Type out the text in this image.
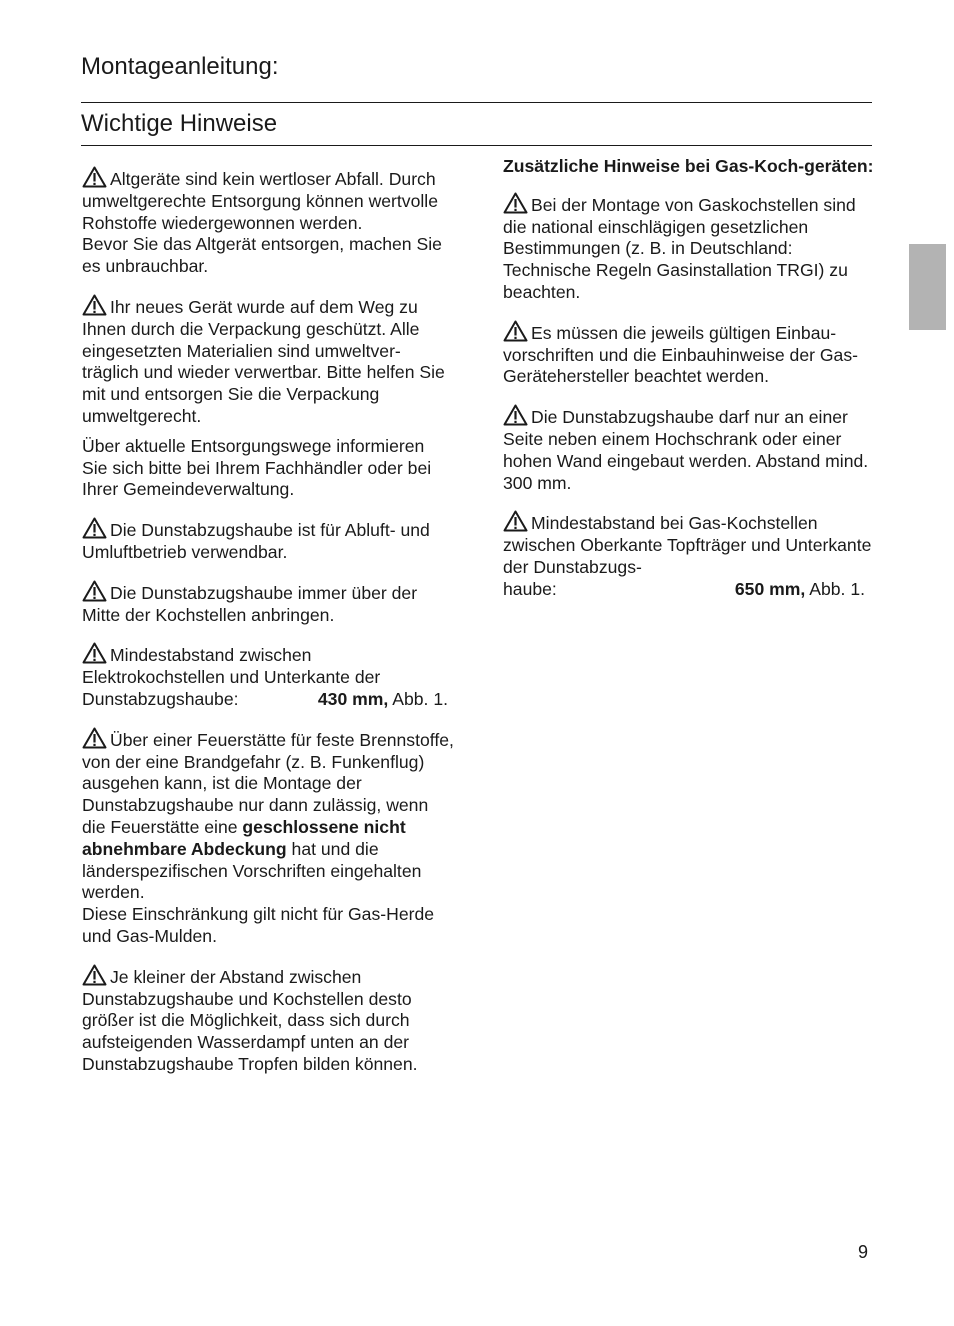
Montageanleitung:
Wichtige Hinweise

Altgeräte sind kein wertloser Abfall. Durch umweltgerechte Entsorgung können wertvolle Rohstoffe wiedergewonnen werden.
Bevor Sie das Altgerät entsorgen, machen Sie es unbrauchbar.

Ihr neues Gerät wurde auf dem Weg zu Ihnen durch die Verpackung geschützt. Alle eingesetzten Materialien sind umweltver-träglich und wieder verwertbar. Bitte helfen Sie mit und entsorgen Sie die Verpackung umweltgerecht.

Über aktuelle Entsorgungswege informieren Sie sich bitte bei Ihrem Fachhändler oder bei Ihrer Gemeindeverwaltung.

Die Dunstabzugshaube ist für Abluft- und Umluftbetrieb verwendbar.

Die Dunstabzugshaube immer über der Mitte der Kochstellen anbringen.

Mindestabstand zwischen Elektrokochstellen und Unterkante der
Dunstabzugshaube:	430 mm, Abb. 1.

Über einer Feuerstätte für feste Brennstoffe, von der eine Brandgefahr (z. B. Funkenflug) ausgehen kann, ist die Montage der Dunstabzugshaube nur dann zulässig, wenn die Feuerstätte eine geschlossene nicht abnehmbare Abdeckung hat und die länderspezifischen Vorschriften eingehalten werden.
Diese Einschränkung gilt nicht für Gas-Herde und Gas-Mulden.

Je kleiner der Abstand zwischen Dunstabzugshaube und Kochstellen desto größer ist die Möglichkeit, dass sich durch aufsteigenden Wasserdampf unten an der Dunstabzugshaube Tropfen bilden können.

Zusätzliche Hinweise bei Gas-Koch-geräten:

Bei der Montage von Gaskochstellen sind die national einschlägigen gesetzlichen Bestimmungen (z. B. in Deutschland: Technische Regeln Gasinstallation TRGI) zu beachten.

Es müssen die jeweils gültigen Einbau-vorschriften und die Einbauhinweise der Gas-Gerätehersteller beachtet werden.

Die Dunstabzugshaube darf nur an einer Seite neben einem Hochschrank oder einer hohen Wand eingebaut werden. Abstand mind. 300 mm.

Mindestabstand bei Gas-Kochstellen zwischen Oberkante Topfträger und Unterkante der Dunstabzugs-
haube:	650 mm, Abb. 1.
9
